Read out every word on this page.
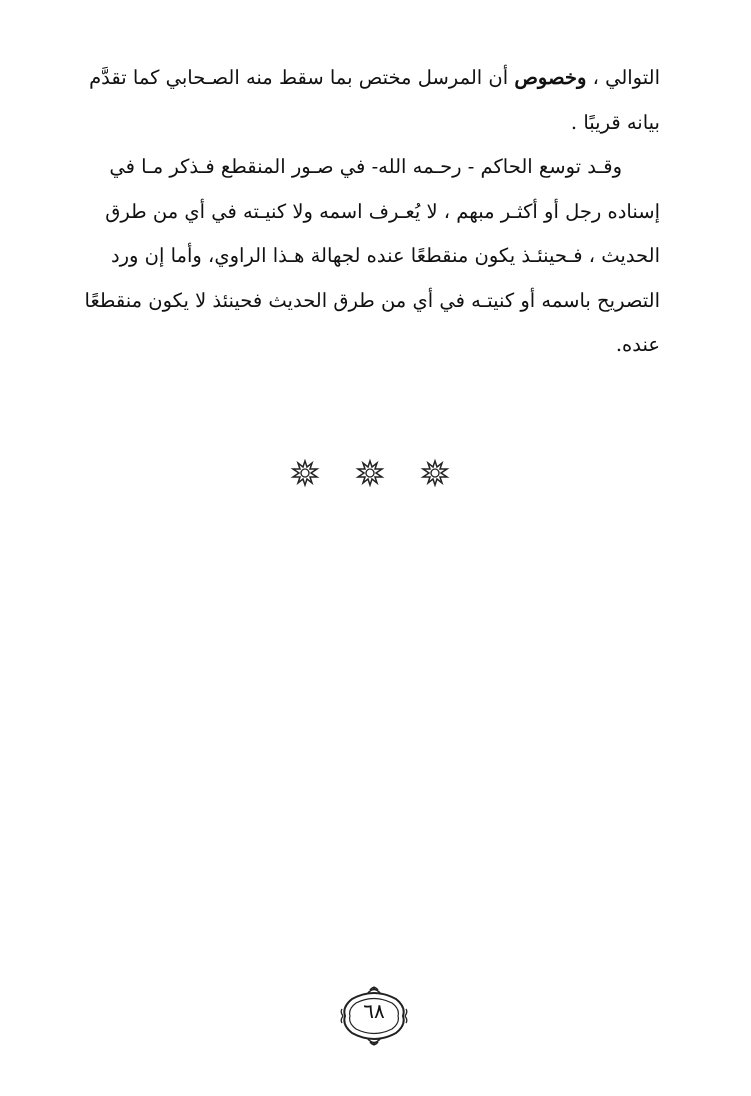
التوالي ، وخصوص أن المرسل مختص بما سقط منه الصـحابي كما تقدَّم
بيانه قريبًا .

وقـد توسع الحاكم - رحـمه الله- في صـور المنقطع فـذكر مـا في
إسناده رجل أو أكثـر مبهم ، لا يُعـرف اسمه ولا كنيـته في أي من طرق
الحديث ، فـحينئـذ يكون منقطعًا عنده لجهالة هـذا الراوي، وأما إن ورد
التصريح باسمه أو كنيتـه في أي من طرق الحديث فحينئذ لا يكون منقطعًا
عنده.

٦٨
